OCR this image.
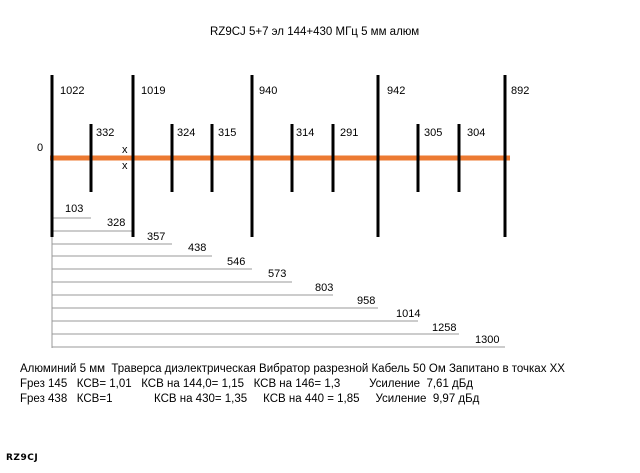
RZ9CJ 5+7 эл 144+430 МГц 5 мм алюм
0
1022	1019	940	942	892
332	324 315	314 291	305 304
x
x
103
328
357
438
546
573
803
958
1014
1258
1300
Алюминий 5 мм  Траверса диэлектрическая Вибратор разрезной Кабель 50 Ом Запитано в точках ХХ
Fрез 145   КСВ= 1,01   КСВ на 144,0= 1,15   КСВ на 146= 1,3         Усиление  7,61 дБд
Fрез 438   КСВ=1             КСВ на 430= 1,35     КСВ на 440 = 1,85     Усиление  9,97 дБд
RZ9CJ
